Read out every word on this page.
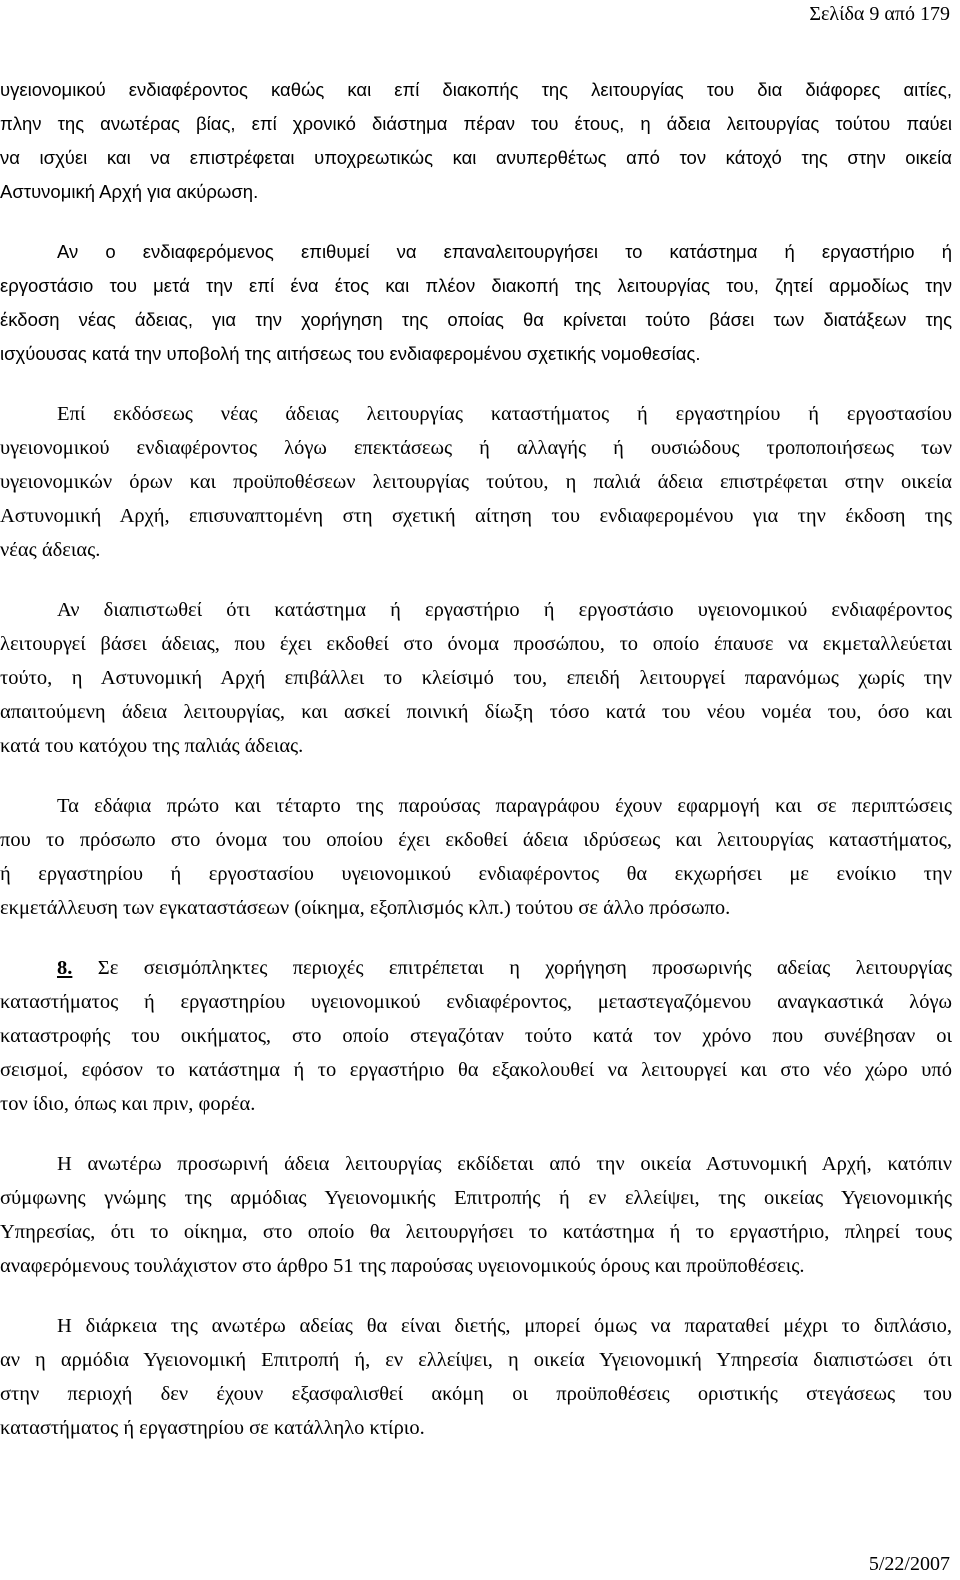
Σελίδα 9 από 179

υγειονομικού ενδιαφέροντος καθώς και επί διακοπής της λειτουργίας του δια διάφορες αιτίες,
πλην της ανωτέρας βίας, επί χρονικό διάστημα πέραν του έτους, η άδεια λειτουργίας τούτου παύει
να ισχύει και να επιστρέφεται υποχρεωτικώς και ανυπερθέτως από τον κάτοχό της στην οικεία
Αστυνομική Αρχή για ακύρωση.

Αν ο ενδιαφερόμενος επιθυμεί να επαναλειτουργήσει το κατάστημα ή εργαστήριο ή
εργοστάσιο του μετά την επί ένα έτος και πλέον διακοπή της λειτουργίας του, ζητεί αρμοδίως την
έκδοση νέας άδειας, για την χορήγηση της οποίας θα κρίνεται τούτο βάσει των διατάξεων της
ισχύουσας κατά την υποβολή της αιτήσεως του ενδιαφερομένου σχετικής νομοθεσίας.

Επί εκδόσεως νέας άδειας λειτουργίας καταστήματος ή εργαστηρίου ή εργοστασίου
υγειονομικού ενδιαφέροντος λόγω επεκτάσεως ή αλλαγής ή ουσιώδους τροποποιήσεως των
υγειονομικών όρων και προϋποθέσεων λειτουργίας τούτου, η παλιά άδεια επιστρέφεται στην οικεία
Αστυνομική Αρχή, επισυναπτομένη στη σχετική αίτηση του ενδιαφερομένου για την έκδοση της
νέας άδειας.

Αν διαπιστωθεί ότι κατάστημα ή εργαστήριο ή εργοστάσιο υγειονομικού ενδιαφέροντος
λειτουργεί βάσει άδειας, που έχει εκδοθεί στο όνομα προσώπου, το οποίο έπαυσε να εκμεταλλεύεται
τούτο, η Αστυνομική Αρχή επιβάλλει το κλείσιμό του, επειδή λειτουργεί παρανόμως χωρίς την
απαιτούμενη άδεια λειτουργίας, και ασκεί ποινική δίωξη τόσο κατά του νέου νομέα του, όσο και
κατά του κατόχου της παλιάς άδειας.

Τα εδάφια πρώτο και τέταρτο της παρούσας παραγράφου έχουν εφαρμογή και σε περιπτώσεις
που το πρόσωπο στο όνομα του οποίου έχει εκδοθεί άδεια ιδρύσεως και λειτουργίας καταστήματος,
ή εργαστηρίου ή εργοστασίου υγειονομικού ενδιαφέροντος θα εκχωρήσει με ενοίκιο την
εκμετάλλευση των εγκαταστάσεων (οίκημα, εξοπλισμός κλπ.) τούτου σε άλλο πρόσωπο.

8. Σε σεισμόπληκτες περιοχές επιτρέπεται η χορήγηση προσωρινής αδείας λειτουργίας
καταστήματος ή εργαστηρίου υγειονομικού ενδιαφέροντος, μεταστεγαζόμενου αναγκαστικά λόγω
καταστροφής του οικήματος, στο οποίο στεγαζόταν τούτο κατά τον χρόνο που συνέβησαν οι
σεισμοί, εφόσον το κατάστημα ή το εργαστήριο θα εξακολουθεί να λειτουργεί και στο νέο χώρο υπό
τον ίδιο, όπως και πριν, φορέα.

Η ανωτέρω προσωρινή άδεια λειτουργίας εκδίδεται από την οικεία Αστυνομική Αρχή, κατόπιν
σύμφωνης γνώμης της αρμόδιας Υγειονομικής Επιτροπής ή εν ελλείψει, της οικείας Υγειονομικής
Υπηρεσίας, ότι το οίκημα, στο οποίο θα λειτουργήσει το κατάστημα ή το εργαστήριο, πληρεί τους
αναφερόμενους τουλάχιστον στο άρθρο 51 της παρούσας υγειονομικούς όρους και προϋποθέσεις.

Η διάρκεια της ανωτέρω αδείας θα είναι διετής, μπορεί όμως να παραταθεί μέχρι το διπλάσιο,
αν η αρμόδια Υγειονομική Επιτροπή ή, εν ελλείψει, η οικεία Υγειονομική Υπηρεσία διαπιστώσει ότι
στην περιοχή δεν έχουν εξασφαλισθεί ακόμη οι προϋποθέσεις οριστικής στεγάσεως του
καταστήματος ή εργαστηρίου σε κατάλληλο κτίριο.

5/22/2007
